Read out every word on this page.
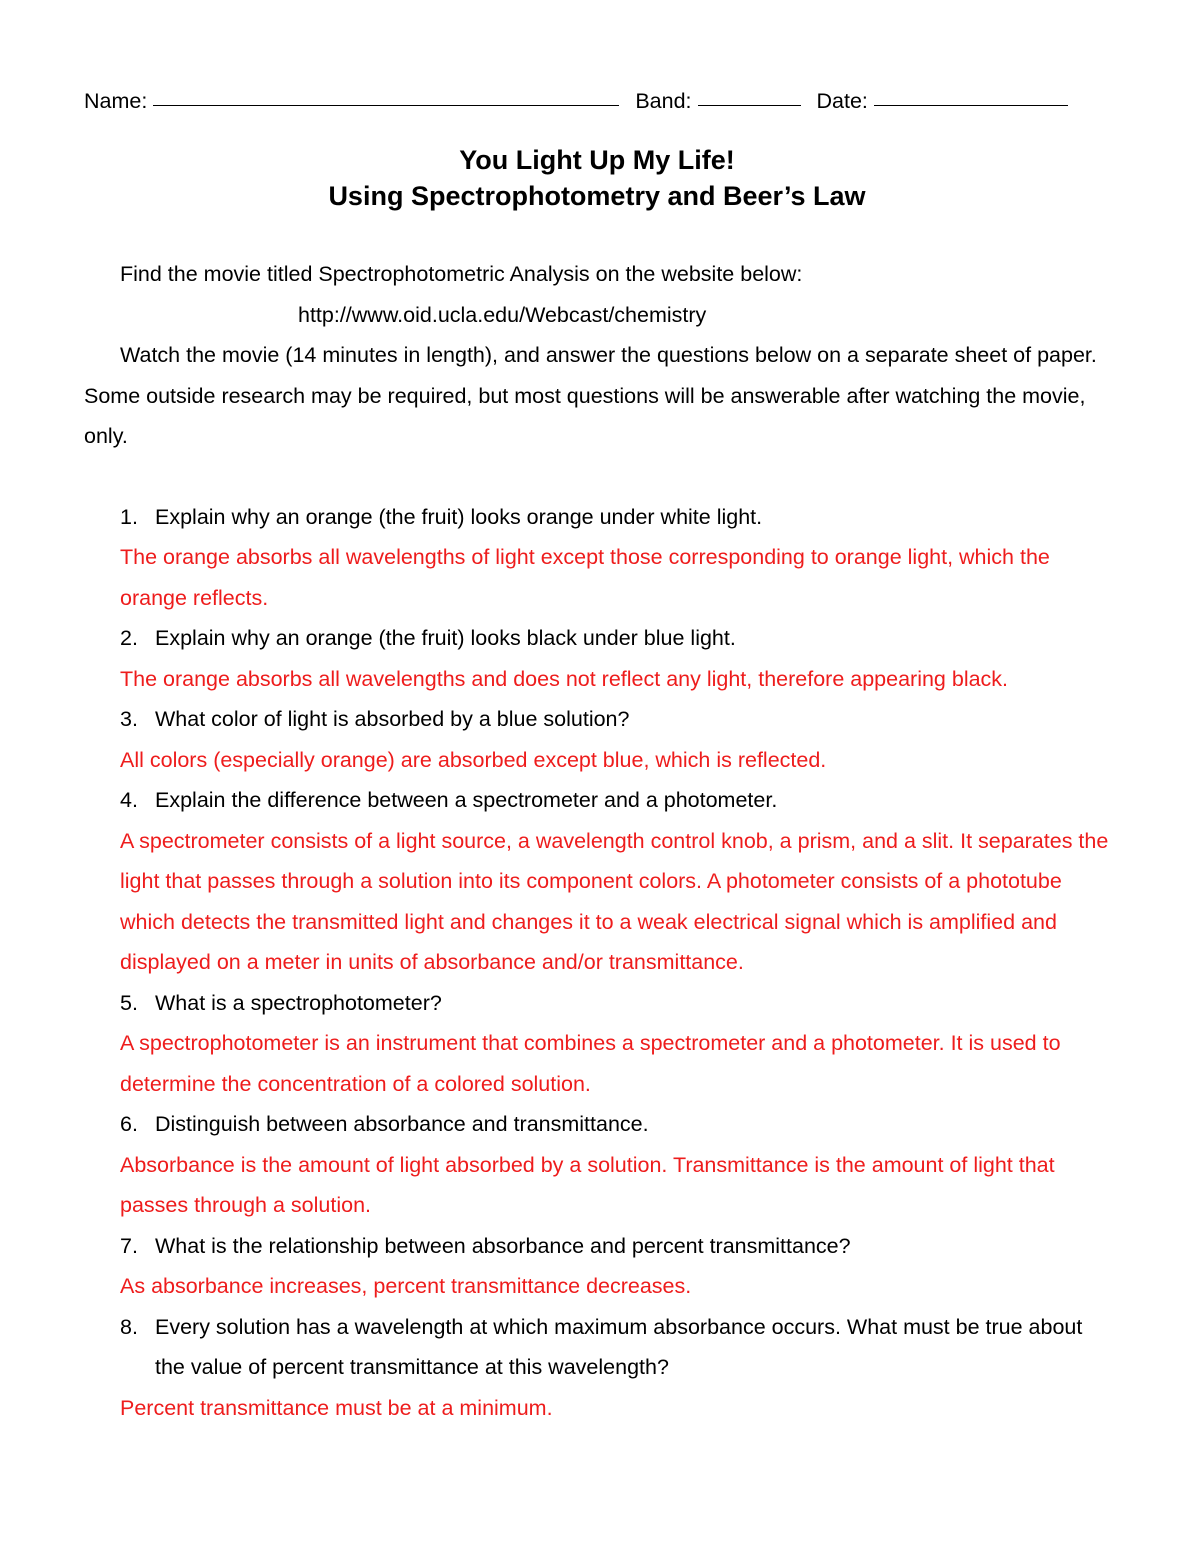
Name:	Band:	Date:
You Light Up My Life!
Using Spectrophotometry and Beer’s Law
Find the movie titled Spectrophotometric Analysis on the website below:
http://www.oid.ucla.edu/Webcast/chemistry
Watch the movie (14 minutes in length), and answer the questions below on a separate sheet of paper. Some outside research may be required, but most questions will be answerable after watching the movie, only.
1. Explain why an orange (the fruit) looks orange under white light.
The orange absorbs all wavelengths of light except those corresponding to orange light, which the orange reflects.
2. Explain why an orange (the fruit) looks black under blue light.
The orange absorbs all wavelengths and does not reflect any light, therefore appearing black.
3. What color of light is absorbed by a blue solution?
All colors (especially orange) are absorbed except blue, which is reflected.
4. Explain the difference between a spectrometer and a photometer.
A spectrometer consists of a light source, a wavelength control knob, a prism, and a slit. It separates the light that passes through a solution into its component colors. A photometer consists of a phototube which detects the transmitted light and changes it to a weak electrical signal which is amplified and displayed on a meter in units of absorbance and/or transmittance.
5. What is a spectrophotometer?
A spectrophotometer is an instrument that combines a spectrometer and a photometer. It is used to determine the concentration of a colored solution.
6. Distinguish between absorbance and transmittance.
Absorbance is the amount of light absorbed by a solution. Transmittance is the amount of light that passes through a solution.
7. What is the relationship between absorbance and percent transmittance?
As absorbance increases, percent transmittance decreases.
8. Every solution has a wavelength at which maximum absorbance occurs. What must be true about the value of percent transmittance at this wavelength?
Percent transmittance must be at a minimum.
